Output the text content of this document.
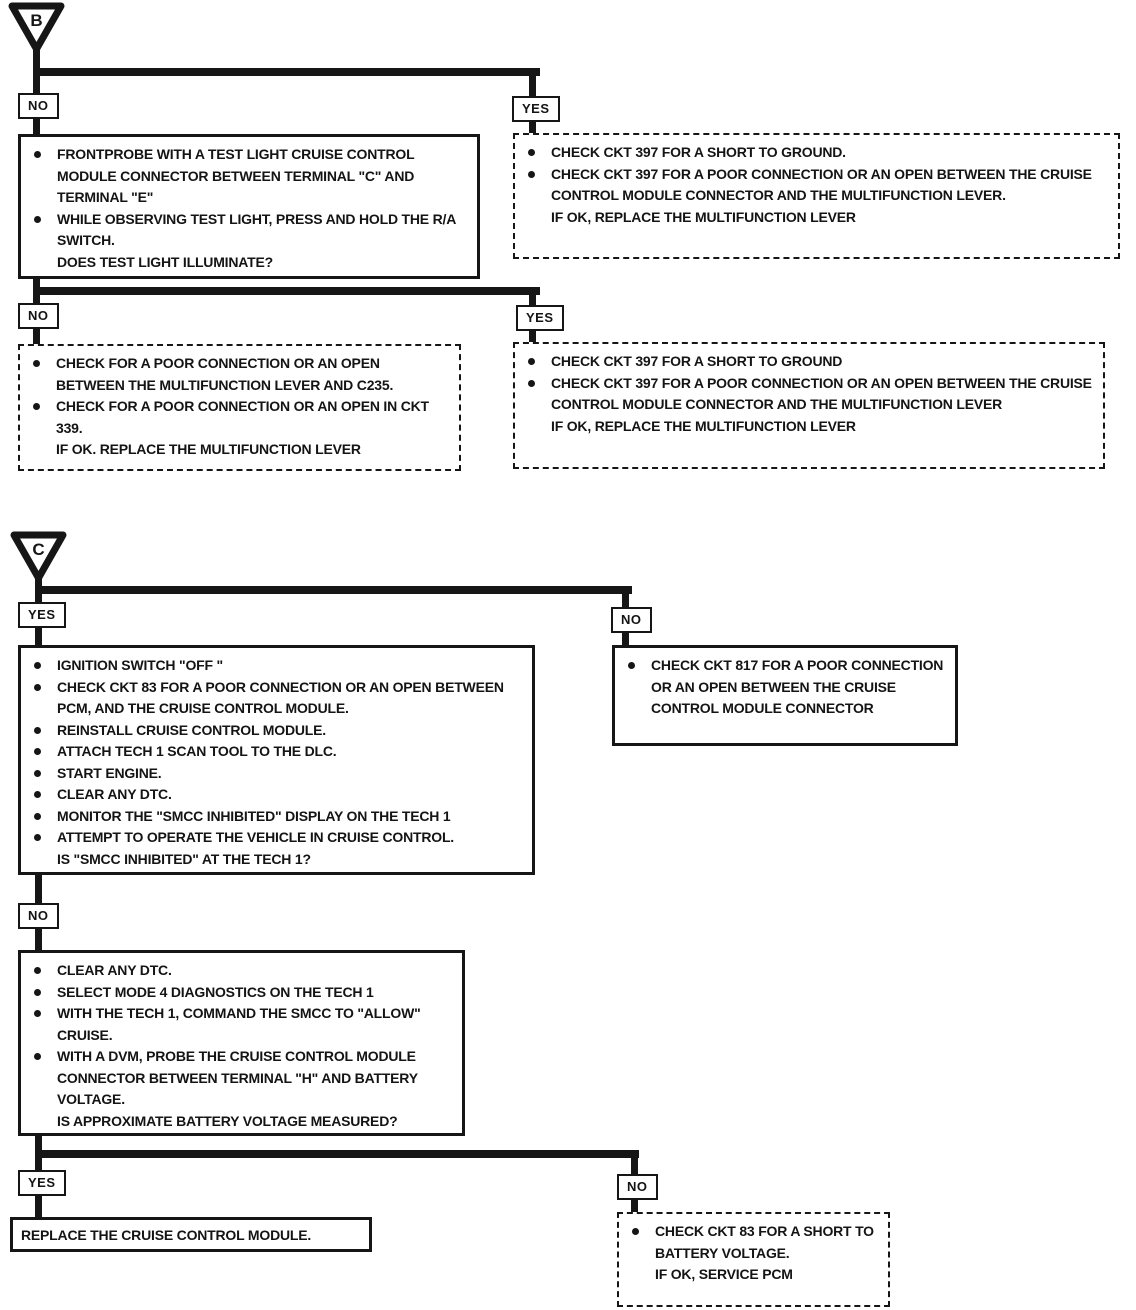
B
NO
FRONTPROBE WITH A TEST LIGHT CRUISE CONTROL MODULE CONNECTOR BETWEEN TERMINAL "C" AND TERMINAL "E"
WHILE OBSERVING TEST LIGHT, PRESS AND HOLD THE R/A SWITCH.
DOES TEST LIGHT ILLUMINATE?
YES
CHECK CKT 397 FOR A SHORT TO GROUND.
CHECK CKT 397 FOR A POOR CONNECTION OR AN OPEN BETWEEN THE CRUISE CONTROL MODULE CONNECTOR AND THE MULTIFUNCTION LEVER.
IF OK, REPLACE THE MULTIFUNCTION LEVER
NO
CHECK FOR A POOR CONNECTION OR AN OPEN BETWEEN THE MULTIFUNCTION LEVER AND C235.
CHECK FOR A POOR CONNECTION OR AN OPEN IN CKT 339.
IF OK. REPLACE THE MULTIFUNCTION LEVER
YES
CHECK CKT 397 FOR A SHORT TO GROUND
CHECK CKT 397 FOR A POOR CONNECTION OR AN OPEN BETWEEN THE CRUISE CONTROL MODULE CONNECTOR AND THE MULTIFUNCTION LEVER
IF OK, REPLACE THE MULTIFUNCTION LEVER
C
YES
IGNITION SWITCH "OFF "
CHECK CKT 83 FOR A POOR CONNECTION OR AN OPEN BETWEEN PCM, AND THE CRUISE CONTROL MODULE.
REINSTALL CRUISE CONTROL MODULE.
ATTACH TECH 1 SCAN TOOL TO THE DLC.
START ENGINE.
CLEAR ANY DTC.
MONITOR THE "SMCC INHIBITED" DISPLAY ON THE TECH 1
ATTEMPT TO OPERATE THE VEHICLE IN CRUISE CONTROL.
IS "SMCC INHIBITED" AT THE TECH 1?
NO
CHECK CKT 817 FOR A POOR CONNECTION OR AN OPEN BETWEEN THE CRUISE CONTROL MODULE CONNECTOR
NO
CLEAR ANY DTC.
SELECT MODE 4 DIAGNOSTICS ON THE TECH 1
WITH THE TECH 1, COMMAND THE SMCC TO "ALLOW" CRUISE.
WITH A DVM, PROBE THE CRUISE CONTROL MODULE CONNECTOR BETWEEN TERMINAL "H" AND BATTERY VOLTAGE.
IS APPROXIMATE BATTERY VOLTAGE MEASURED?
YES
REPLACE THE CRUISE CONTROL MODULE.
NO
CHECK CKT 83 FOR A SHORT TO BATTERY VOLTAGE.
IF OK, SERVICE PCM
